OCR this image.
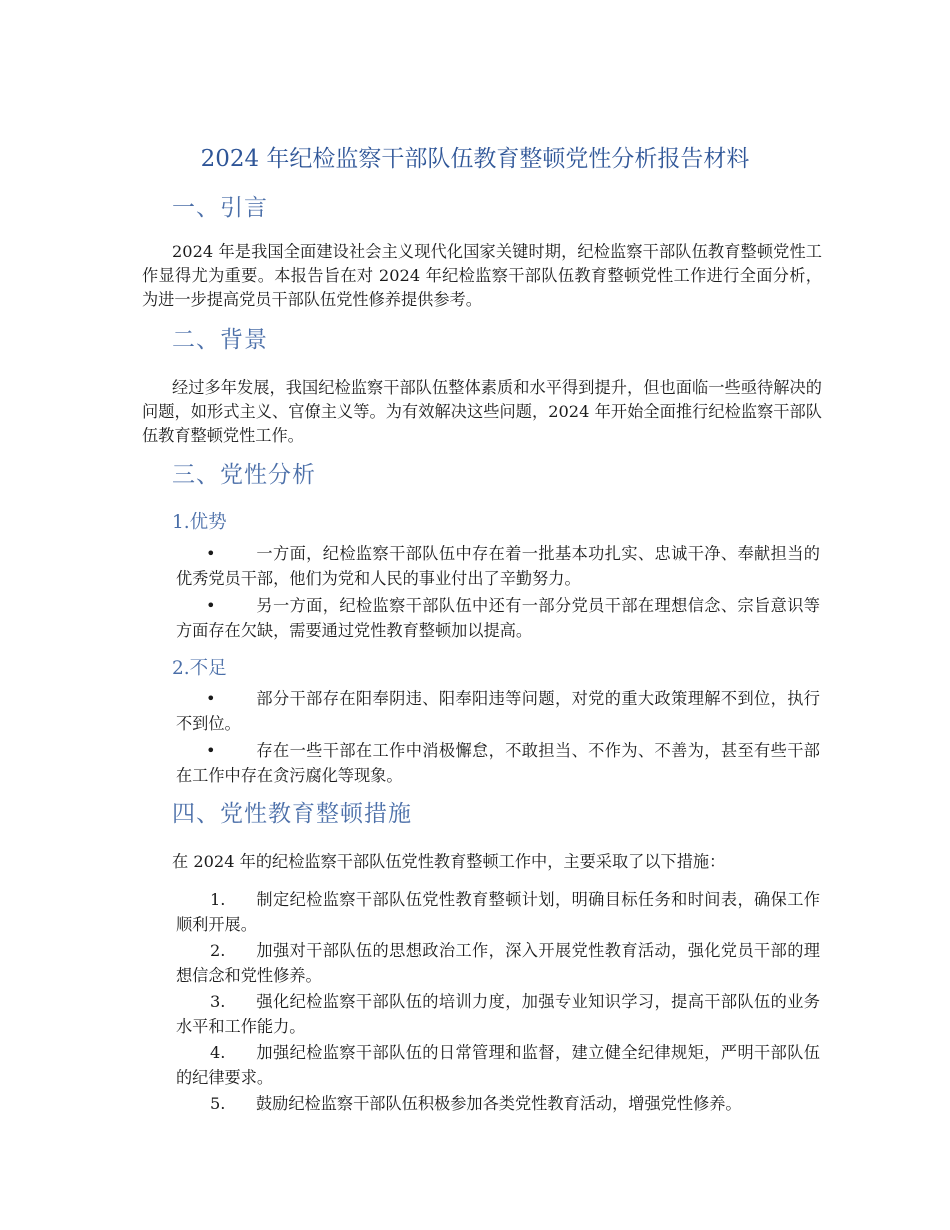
2024 年纪检监察干部队伍教育整顿党性分析报告材料
一、引言

2024 年是我国全面建设社会主义现代化国家关键时期，纪检监察干部队伍教育整顿党性工作显得尤为重要。本报告旨在对 2024 年纪检监察干部队伍教育整顿党性工作进行全面分析，为进一步提高党员干部队伍党性修养提供参考。

二、背景

经过多年发展，我国纪检监察干部队伍整体素质和水平得到提升，但也面临一些亟待解决的问题，如形式主义、官僚主义等。为有效解决这些问题，2024 年开始全面推行纪检监察干部队伍教育整顿党性工作。

三、党性分析
1.优势

• 一方面，纪检监察干部队伍中存在着一批基本功扎实、忠诚干净、奉献担当的优秀党员干部，他们为党和人民的事业付出了辛勤努力。

• 另一方面，纪检监察干部队伍中还有一部分党员干部在理想信念、宗旨意识等方面存在欠缺，需要通过党性教育整顿加以提高。

2.不足

• 部分干部存在阳奉阴违、阳奉阳违等问题，对党的重大政策理解不到位，执行不到位。

• 存在一些干部在工作中消极懈怠，不敢担当、不作为、不善为，甚至有些干部在工作中存在贪污腐化等现象。

四、党性教育整顿措施

在 2024 年的纪检监察干部队伍党性教育整顿工作中，主要采取了以下措施：

1. 制定纪检监察干部队伍党性教育整顿计划，明确目标任务和时间表，确保工作顺利开展。

2. 加强对干部队伍的思想政治工作，深入开展党性教育活动，强化党员干部的理想信念和党性修养。

3. 强化纪检监察干部队伍的培训力度，加强专业知识学习，提高干部队伍的业务水平和工作能力。

4. 加强纪检监察干部队伍的日常管理和监督，建立健全纪律规矩，严明干部队伍的纪律要求。

5. 鼓励纪检监察干部队伍积极参加各类党性教育活动，增强党性修养。
